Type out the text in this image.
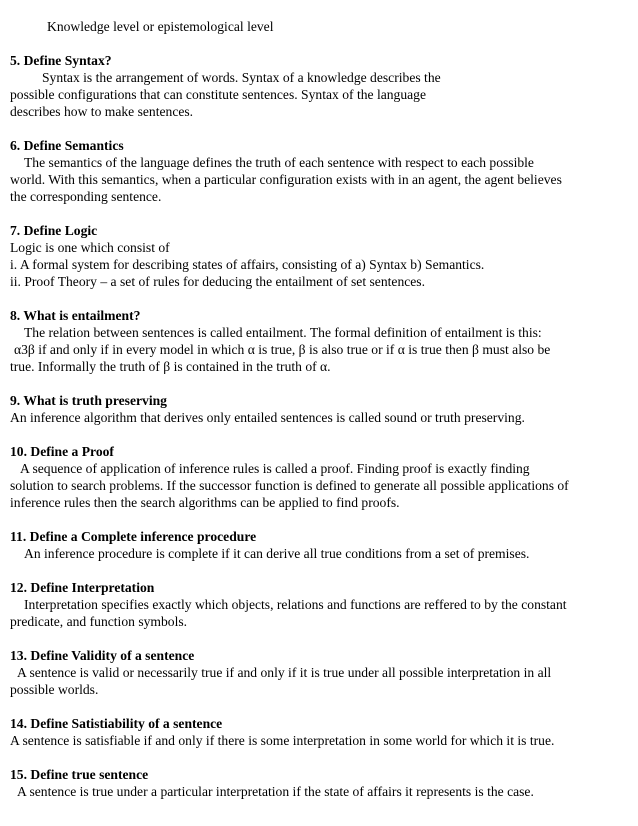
Knowledge level or epistemological level
5. Define Syntax?
Syntax is the arrangement of words. Syntax of a knowledge describes the
possible configurations that can constitute sentences. Syntax of the language
describes how to make sentences.
6. Define Semantics
The semantics of the language defines the truth of each sentence with respect to each possible
world. With this semantics, when a particular configuration exists with in an agent, the agent believes
the corresponding sentence.
7. Define Logic
Logic is one which consist of
i. A formal system for describing states of affairs, consisting of a) Syntax b) Semantics.
ii. Proof Theory – a set of rules for deducing the entailment of set sentences.
8. What is entailment?
The relation between sentences is called entailment. The formal definition of entailment is this:
α3β if and only if in every model in which α is true, β is also true or if α is true then β must also be
true. Informally the truth of β is contained in the truth of α.
9. What is truth preserving
An inference algorithm that derives only entailed sentences is called sound or truth preserving.
10. Define a Proof
A sequence of application of inference rules is called a proof. Finding proof is exactly finding
solution to search problems. If the successor function is defined to generate all possible applications of
inference rules then the search algorithms can be applied to find proofs.
11. Define a Complete inference procedure
An inference procedure is complete if it can derive all true conditions from a set of premises.
12. Define Interpretation
Interpretation specifies exactly which objects, relations and functions are reffered to by the constant
predicate, and function symbols.
13. Define Validity of a sentence
A sentence is valid or necessarily true if and only if it is true under all possible interpretation in all
possible worlds.
14. Define Satistiability of a sentence
A sentence is satisfiable if and only if there is some interpretation in some world for which it is true.
15. Define true sentence
A sentence is true under a particular interpretation if the state of affairs it represents is the case.
